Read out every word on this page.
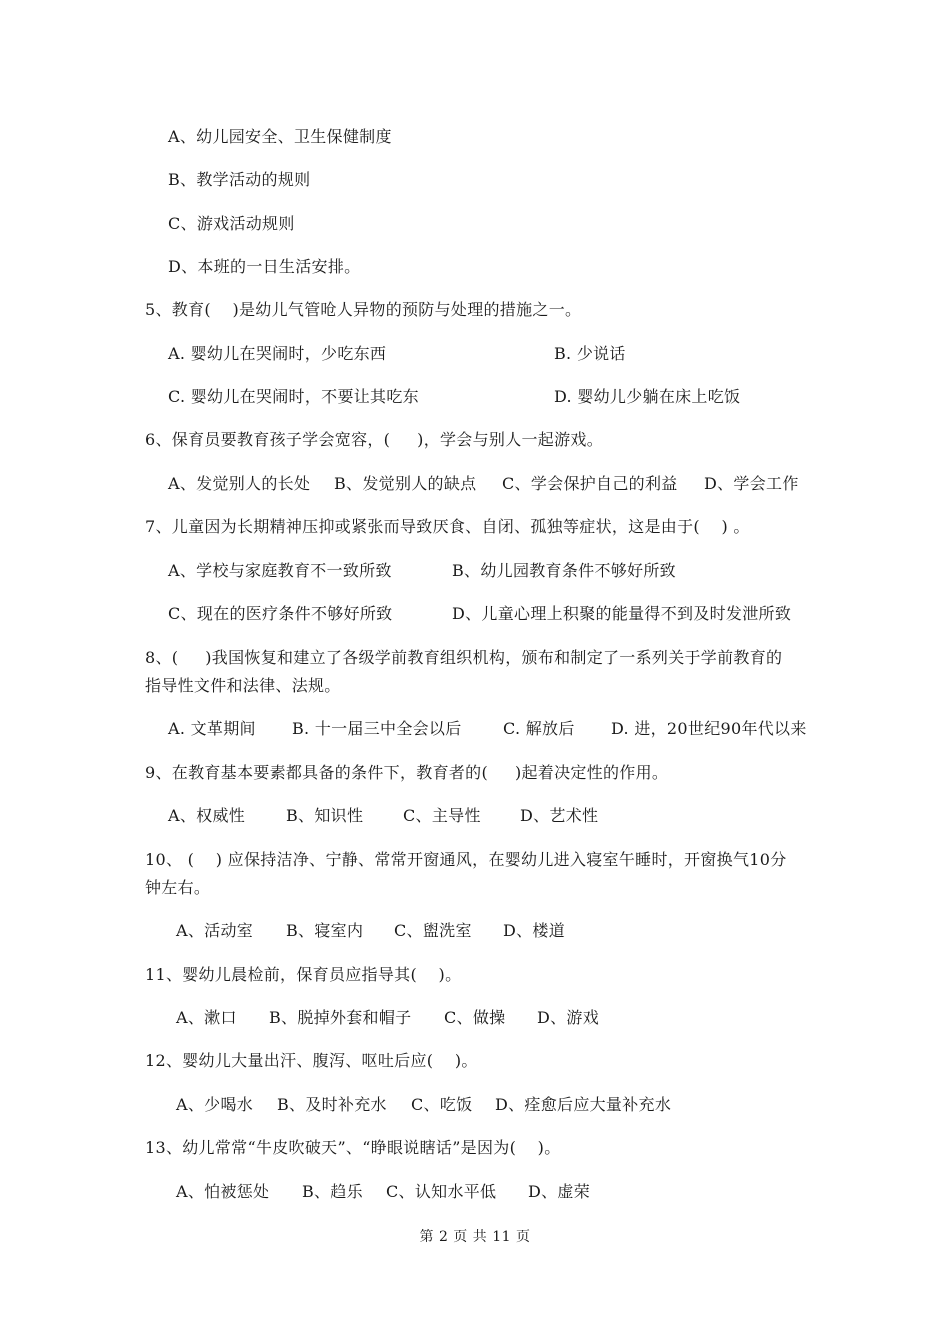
A、幼儿园安全、卫生保健制度
B、教学活动的规则
C、游戏活动规则
D、本班的一日生活安排。
5、教育(    )是幼儿气管呛人异物的预防与处理的措施之一。
A. 婴幼儿在哭闹时，少吃东西	B. 少说话
C. 婴幼儿在哭闹时，不要让其吃东	D. 婴幼儿少躺在床上吃饭
6、保育员要教育孩子学会宽容，(     )，学会与别人一起游戏。
A、发觉别人的长处 B、发觉别人的缺点 C、学会保护自己的利益 D、学会工作
7、儿童因为长期精神压抑或紧张而导致厌食、自闭、孤独等症状，这是由于(    ) 。
A、学校与家庭教育不一致所致	B、幼儿园教育条件不够好所致
C、现在的医疗条件不够好所致	D、儿童心理上积聚的能量得不到及时发泄所致
8、(     )我国恢复和建立了各级学前教育组织机构，颁布和制定了一系列关于学前教育的
指导性文件和法律、法规。
A. 文革期间 B. 十一届三中全会以后	C. 解放后 D. 进，20世纪90年代以来
9、在教育基本要素都具备的条件下，教育者的(     )起着决定性的作用。
A、权威性	B、知识性 C、主导性 D、艺术性
10、 (    ) 应保持洁净、宁静、常常开窗通风，在婴幼儿进入寝室午睡时，开窗换气10分
钟左右。
A、活动室 B、寝室内 C、盥洗室 D、楼道
11、婴幼儿晨检前，保育员应指导其(    )。
A、漱口 B、脱掉外套和帽子 C、做操 D、游戏
12、婴幼儿大量出汗、腹泻、呕吐后应(    )。
A、少喝水 B、及时补充水 C、吃饭 D、痊愈后应大量补充水
13、幼儿常常“牛皮吹破天”、“睁眼说瞎话”是因为(    )。
A、怕被惩处 B、趋乐 C、认知水平低 D、虚荣
第 2 页 共 11 页
